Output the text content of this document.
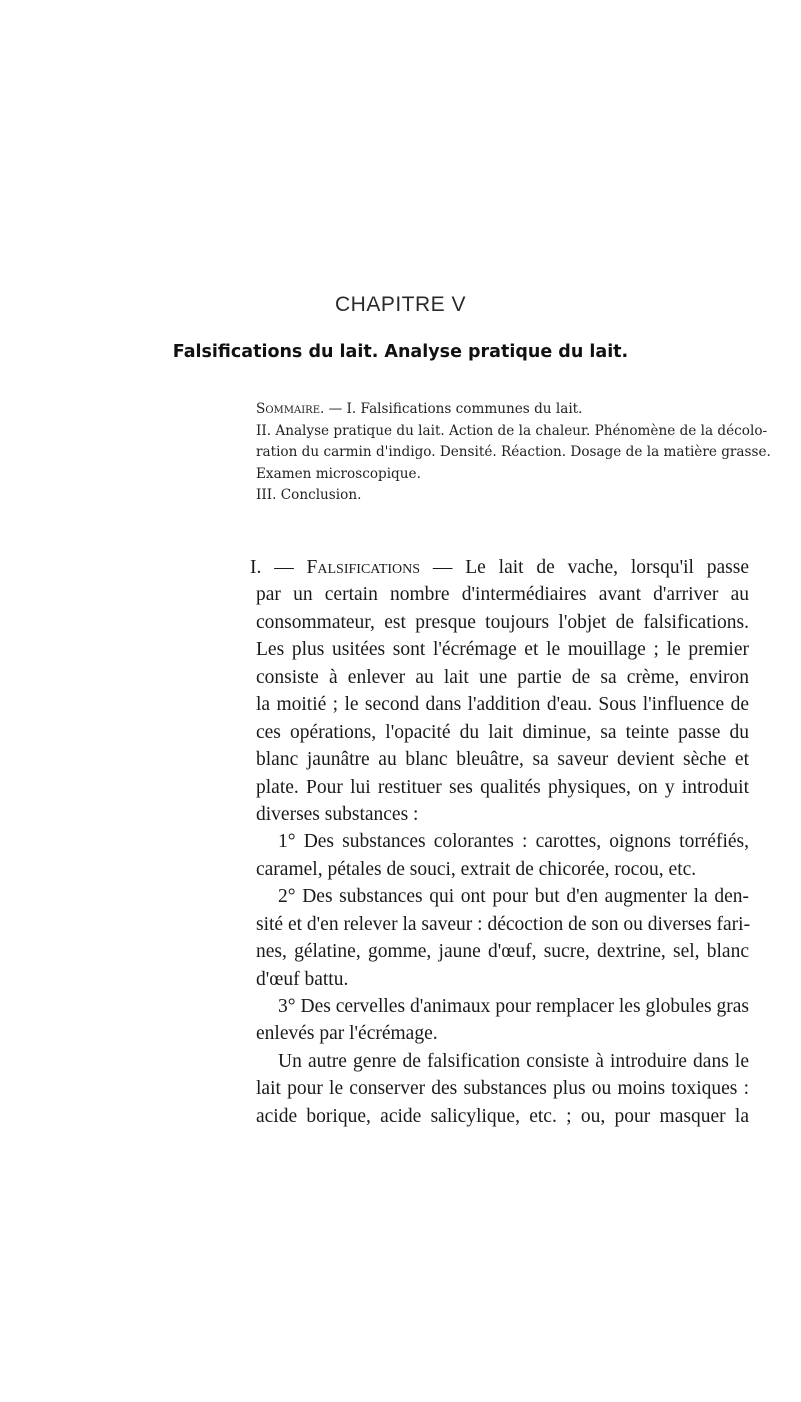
CHAPITRE V
Falsifications du lait. Analyse pratique du lait.
Sommaire. — I. Falsifications communes du lait.
II. Analyse pratique du lait. Action de la chaleur. Phénomène de la décolo-
ration du carmin d'indigo. Densité. Réaction. Dosage de la matière grasse.
Examen microscopique.
III. Conclusion.
I. — Falsifications — Le lait de vache, lorsqu'il passe
par un certain nombre d'intermédiaires avant d'arriver au
consommateur, est presque toujours l'objet de falsifications.
Les plus usitées sont l'écrémage et le mouillage ; le premier
consiste à enlever au lait une partie de sa crème, environ
la moitié ; le second dans l'addition d'eau. Sous l'influence de
ces opérations, l'opacité du lait diminue, sa teinte passe du
blanc jaunâtre au blanc bleuâtre, sa saveur devient sèche et
plate. Pour lui restituer ses qualités physiques, on y introduit
diverses substances :
1° Des substances colorantes : carottes, oignons torréfiés,
caramel, pétales de souci, extrait de chicorée, rocou, etc.
2° Des substances qui ont pour but d'en augmenter la den-
sité et d'en relever la saveur : décoction de son ou diverses fari-
nes, gélatine, gomme, jaune d'œuf, sucre, dextrine, sel, blanc
d'œuf battu.
3° Des cervelles d'animaux pour remplacer les globules gras
enlevés par l'écrémage.
Un autre genre de falsification consiste à introduire dans le
lait pour le conserver des substances plus ou moins toxiques :
acide borique, acide salicylique, etc. ; ou, pour masquer la
